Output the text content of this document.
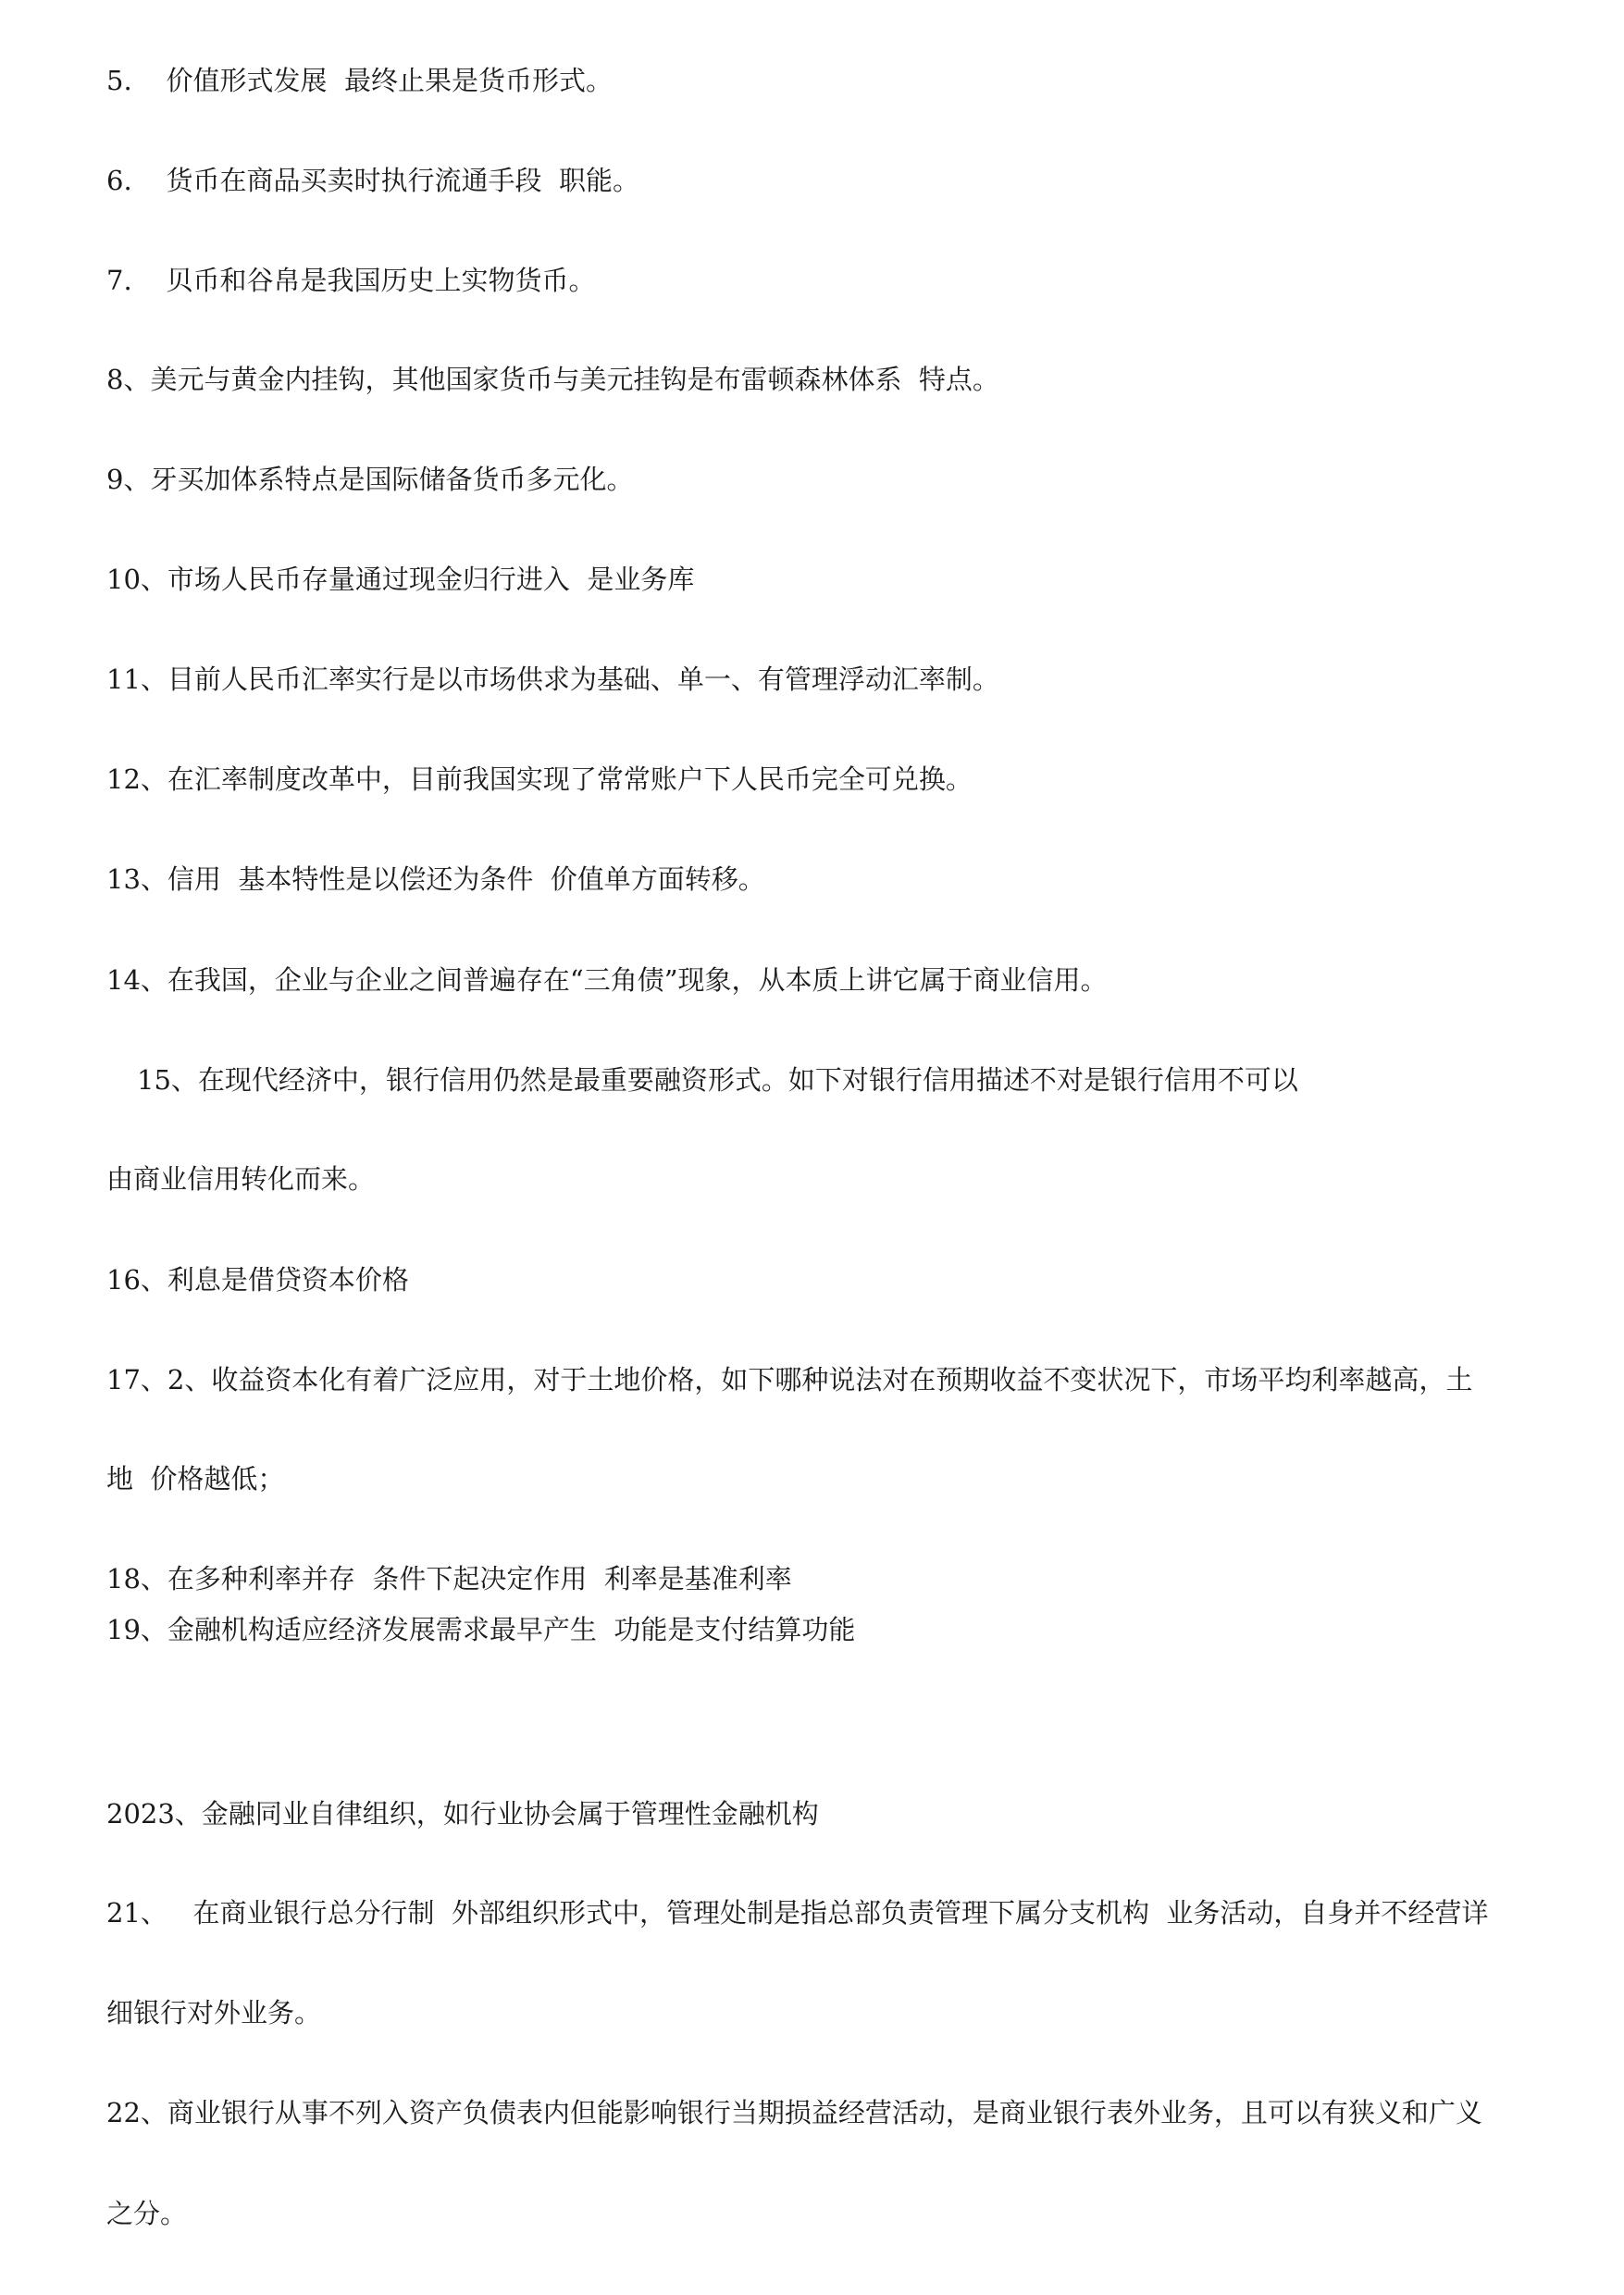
5.    价值形式发展  最终止果是货币形式。
6.    货币在商品买卖时执行流通手段  职能。
7.    贝币和谷帛是我国历史上实物货币。
8、美元与黄金内挂钩，其他国家货币与美元挂钩是布雷顿森林体系  特点。
9、牙买加体系特点是国际储备货币多元化。
10、市场人民币存量通过现金归行进入  是业务库
11、目前人民币汇率实行是以市场供求为基础、单一、有管理浮动汇率制。
12、在汇率制度改革中，目前我国实现了常常账户下人民币完全可兑换。
13、信用  基本特性是以偿还为条件  价值单方面转移。
14、在我国，企业与企业之间普遍存在“三角债”现象，从本质上讲它属于商业信用。
15、在现代经济中，银行信用仍然是最重要融资形式。如下对银行信用描述不对是银行信用不可以
由商业信用转化而来。
16、利息是借贷资本价格
17、2、收益资本化有着广泛应用，对于土地价格，如下哪种说法对在预期收益不变状况下，市场平均利率越高，土
地  价格越低；
18、在多种利率并存  条件下起决定作用  利率是基准利率
19、金融机构适应经济发展需求最早产生  功能是支付结算功能
2023、金融同业自律组织，如行业协会属于管理性金融机构
21、   在商业银行总分行制  外部组织形式中，管理处制是指总部负责管理下属分支机构  业务活动，自身并不经营详
细银行对外业务。
22、商业银行从事不列入资产负债表内但能影响银行当期损益经营活动，是商业银行表外业务，且可以有狭义和广义
之分。
